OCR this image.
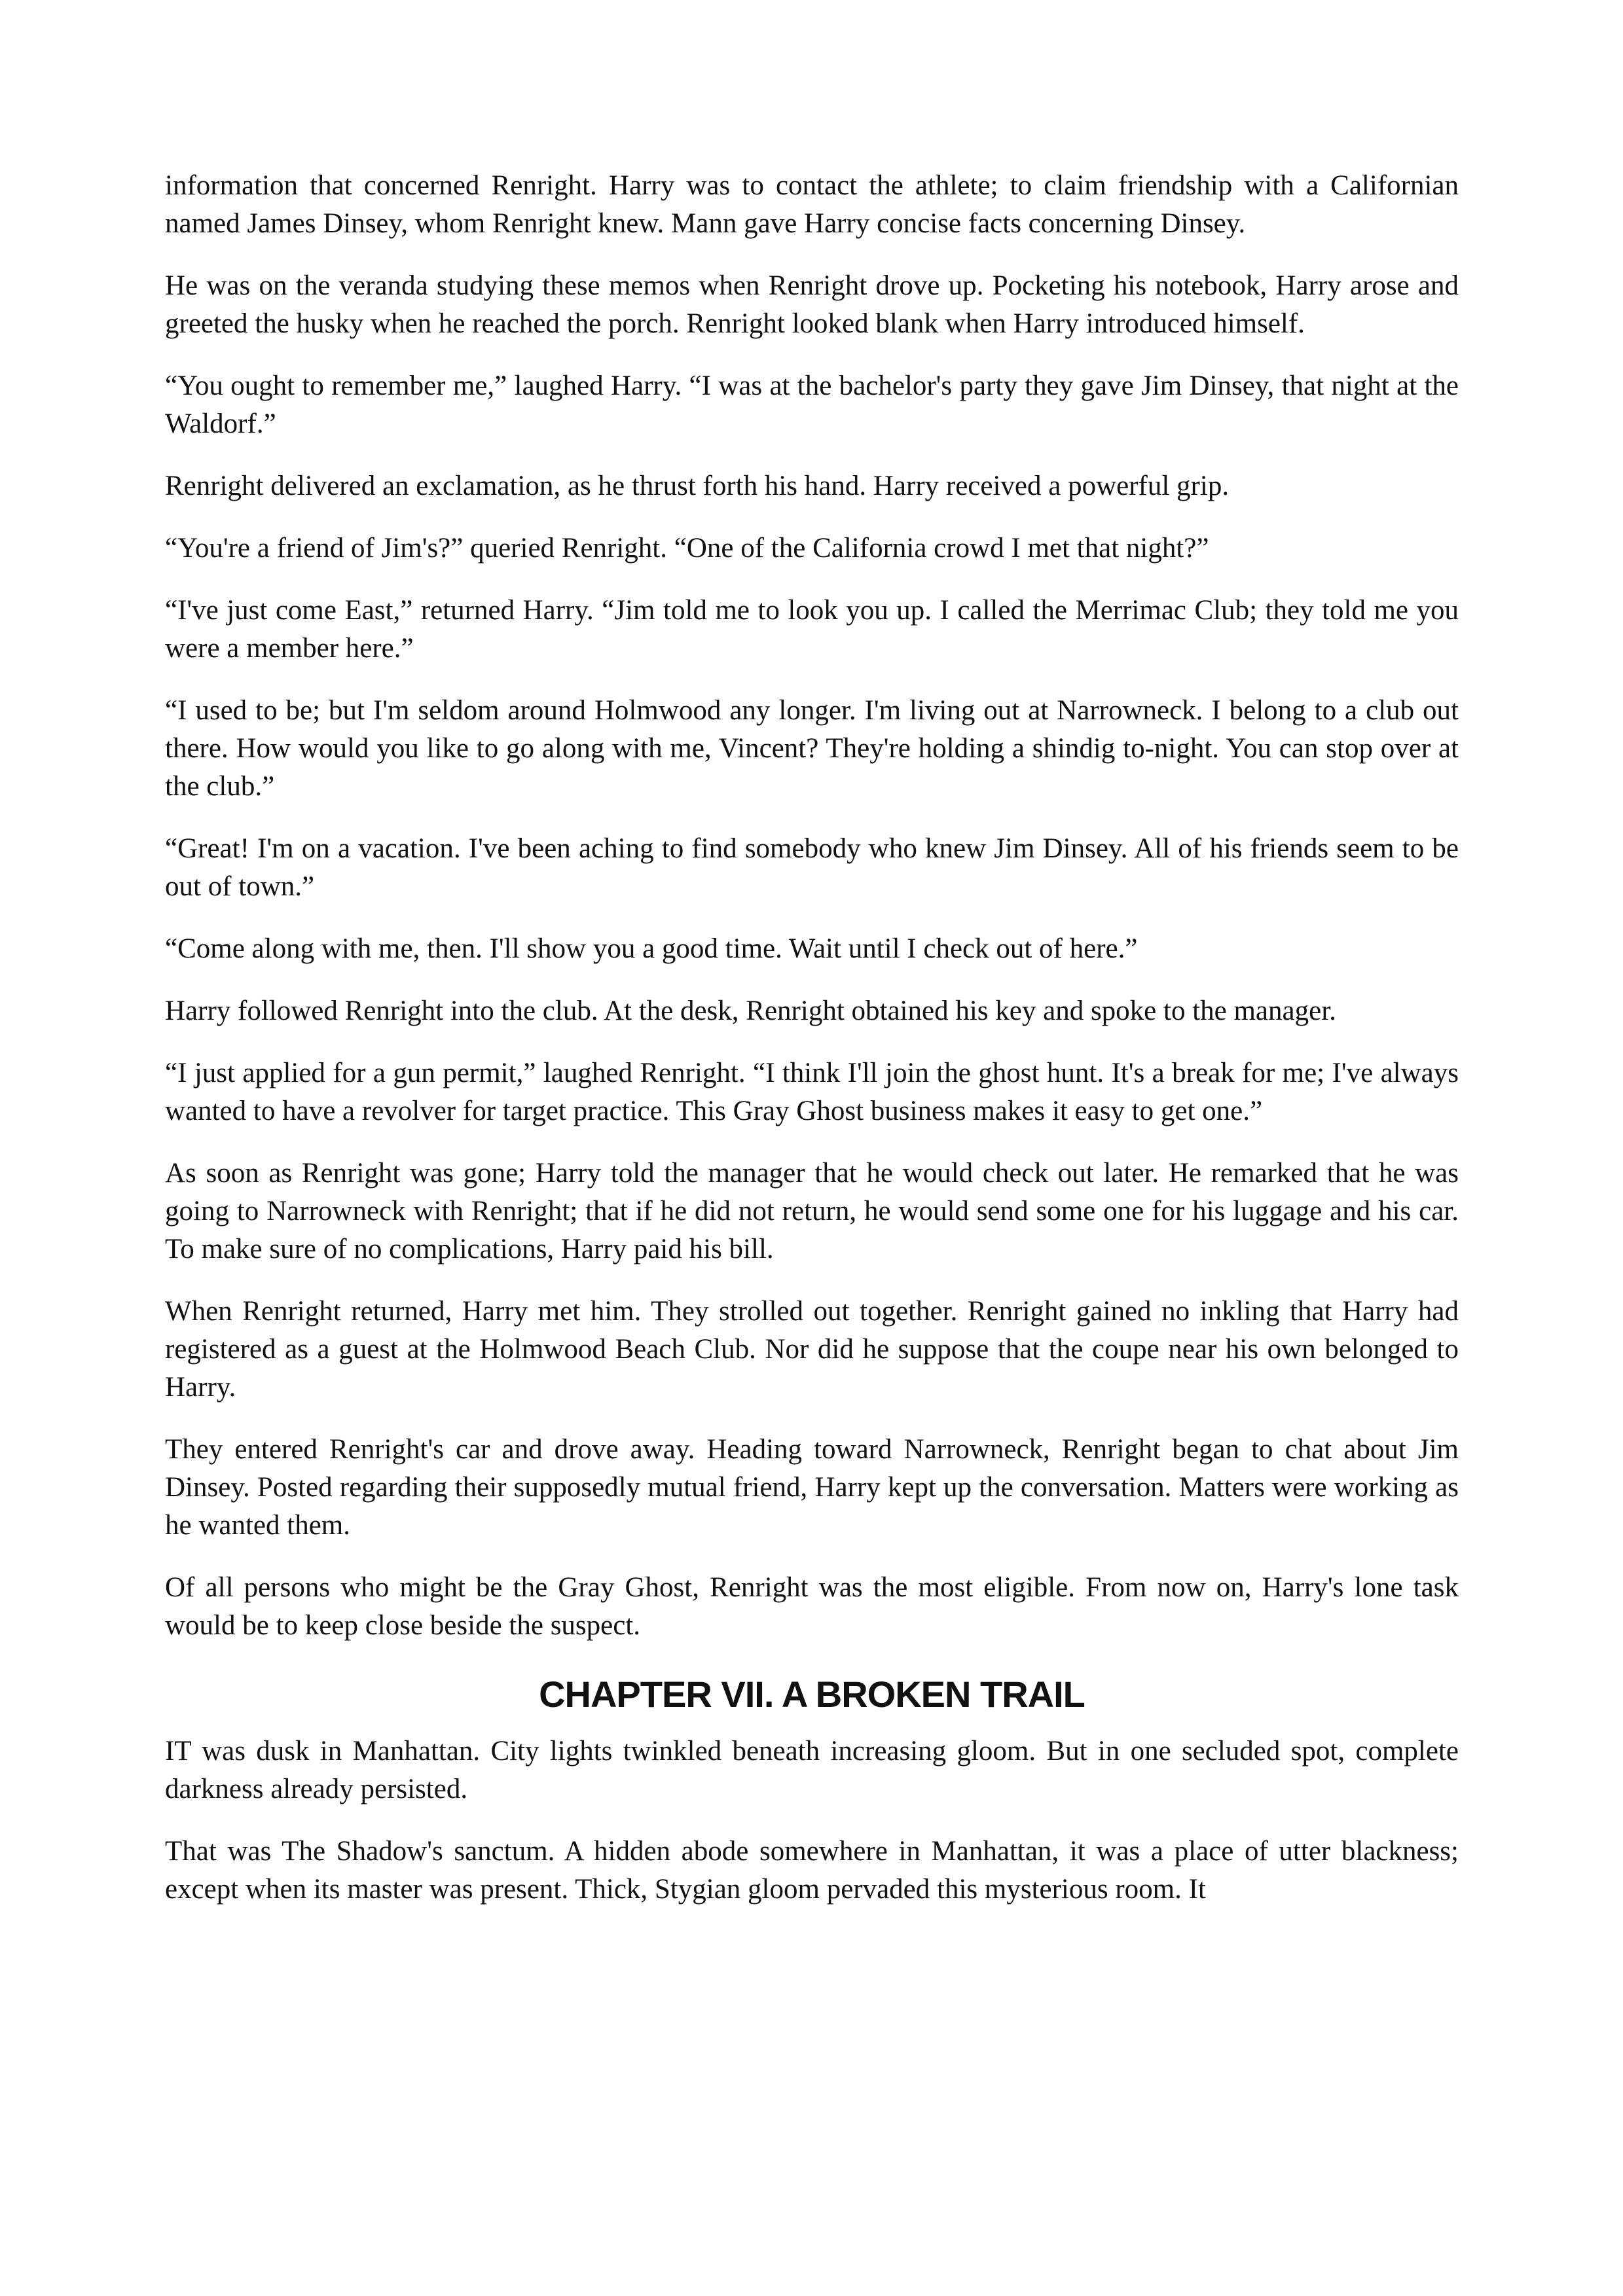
information that concerned Renright. Harry was to contact the athlete; to claim friendship with a Californian named James Dinsey, whom Renright knew. Mann gave Harry concise facts concerning Dinsey.

He was on the veranda studying these memos when Renright drove up. Pocketing his notebook, Harry arose and greeted the husky when he reached the porch. Renright looked blank when Harry introduced himself.

“You ought to remember me,” laughed Harry. “I was at the bachelor's party they gave Jim Dinsey, that night at the Waldorf.”

Renright delivered an exclamation, as he thrust forth his hand. Harry received a powerful grip.

“You're a friend of Jim's?” queried Renright. “One of the California crowd I met that night?”

“I've just come East,” returned Harry. “Jim told me to look you up. I called the Merrimac Club; they told me you were a member here.”

“I used to be; but I'm seldom around Holmwood any longer. I'm living out at Narrowneck. I belong to a club out there. How would you like to go along with me, Vincent? They're holding a shindig to-night. You can stop over at the club.”

“Great! I'm on a vacation. I've been aching to find somebody who knew Jim Dinsey. All of his friends seem to be out of town.”

“Come along with me, then. I'll show you a good time. Wait until I check out of here.”

Harry followed Renright into the club. At the desk, Renright obtained his key and spoke to the manager.

“I just applied for a gun permit,” laughed Renright. “I think I'll join the ghost hunt. It's a break for me; I've always wanted to have a revolver for target practice. This Gray Ghost business makes it easy to get one.”

As soon as Renright was gone; Harry told the manager that he would check out later. He remarked that he was going to Narrowneck with Renright; that if he did not return, he would send some one for his luggage and his car. To make sure of no complications, Harry paid his bill.

When Renright returned, Harry met him. They strolled out together. Renright gained no inkling that Harry had registered as a guest at the Holmwood Beach Club. Nor did he suppose that the coupe near his own belonged to Harry.

They entered Renright's car and drove away. Heading toward Narrowneck, Renright began to chat about Jim Dinsey. Posted regarding their supposedly mutual friend, Harry kept up the conversation. Matters were working as he wanted them.

Of all persons who might be the Gray Ghost, Renright was the most eligible. From now on, Harry's lone task would be to keep close beside the suspect.

CHAPTER VII. A BROKEN TRAIL

IT was dusk in Manhattan. City lights twinkled beneath increasing gloom. But in one secluded spot, complete darkness already persisted.

That was The Shadow's sanctum. A hidden abode somewhere in Manhattan, it was a place of utter blackness; except when its master was present. Thick, Stygian gloom pervaded this mysterious room. It
